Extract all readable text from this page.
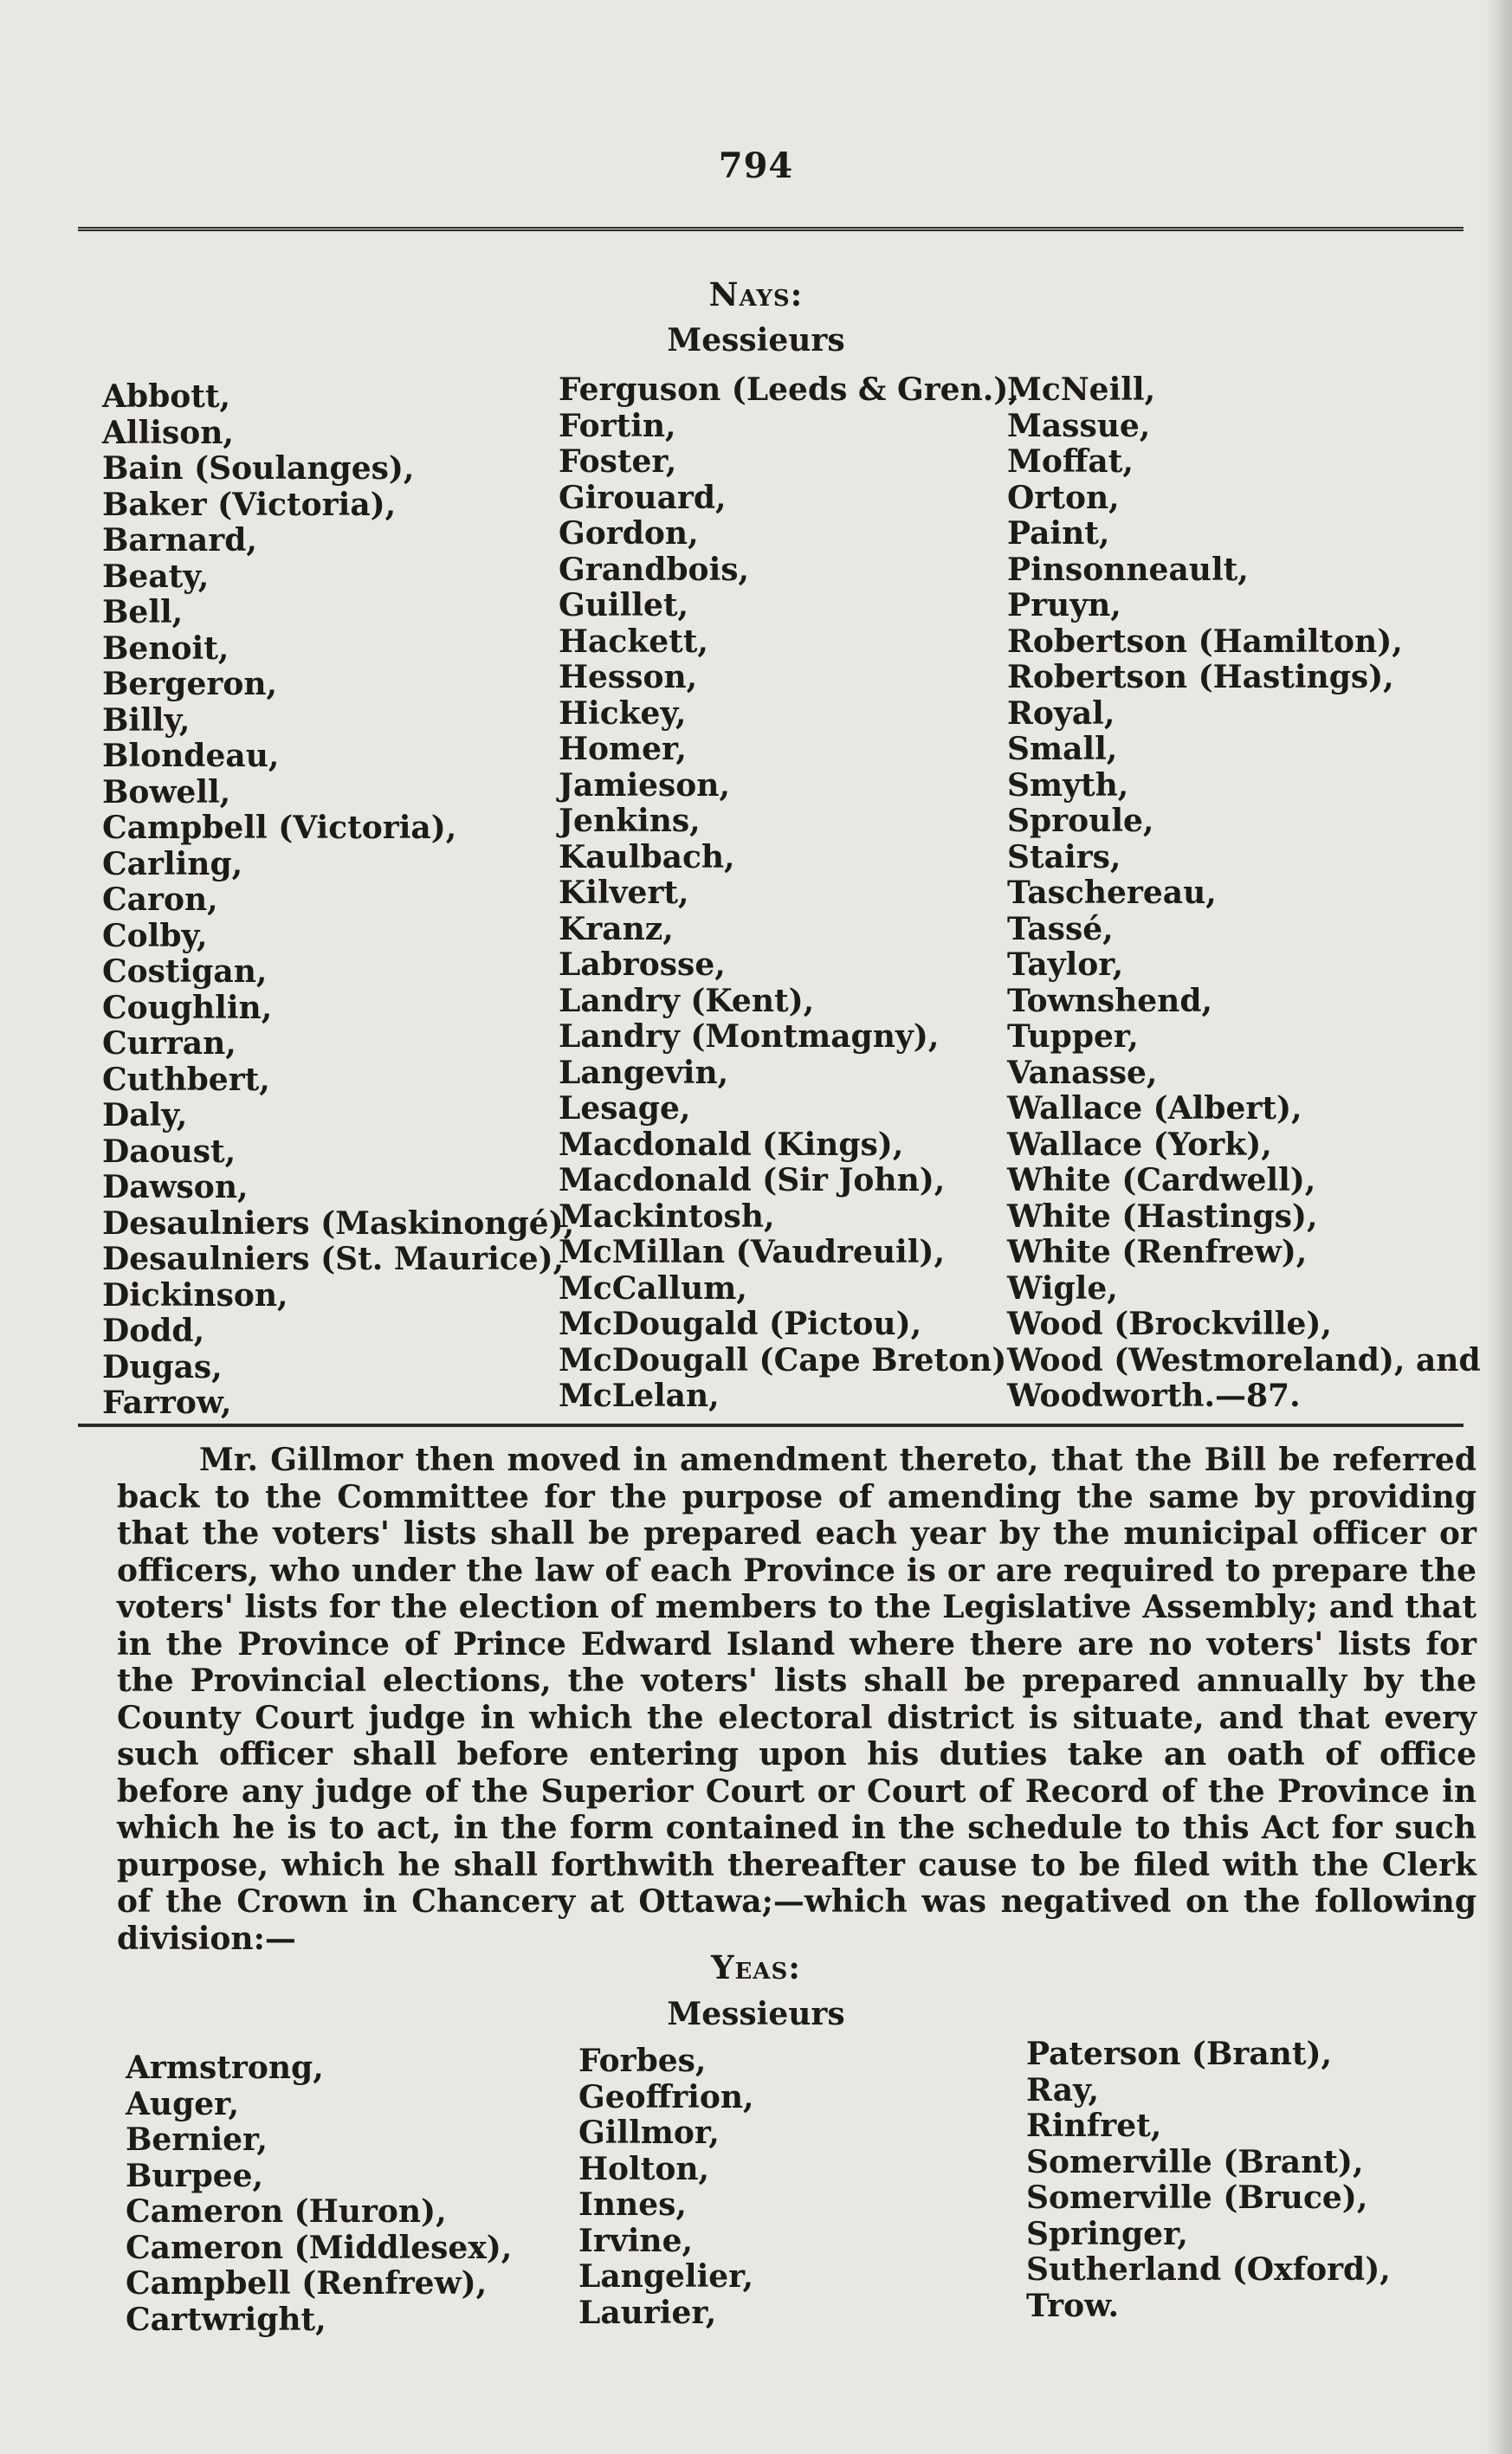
794
Nays:
Messieurs
Abbott,
Allison,
Bain (Soulanges),
Baker (Victoria),
Barnard,
Beaty,
Bell,
Benoit,
Bergeron,
Billy,
Blondeau,
Bowell,
Campbell (Victoria),
Carling,
Caron,
Colby,
Costigan,
Coughlin,
Curran,
Cuthbert,
Daly,
Daoust,
Dawson,
Desaulniers (Maskinongé),
Desaulniers (St. Maurice),
Dickinson,
Dodd,
Dugas,
Farrow,
Ferguson (Leeds & Gren.),
Fortin,
Foster,
Girouard,
Gordon,
Grandbois,
Guillet,
Hackett,
Hesson,
Hickey,
Homer,
Jamieson,
Jenkins,
Kaulbach,
Kilvert,
Kranz,
Labrosse,
Landry (Kent),
Landry (Montmagny),
Langevin,
Lesage,
Macdonald (Kings),
Macdonald (Sir John),
Mackintosh,
McMillan (Vaudreuil),
McCallum,
McDougald (Pictou),
McDougall (Cape Breton)
McLelan,
McNeill,
Massue,
Moffat,
Orton,
Paint,
Pinsonneault,
Pruyn,
Robertson (Hamilton),
Robertson (Hastings),
Royal,
Small,
Smyth,
Sproule,
Stairs,
Taschereau,
Tassé,
Taylor,
Townshend,
Tupper,
Vanasse,
Wallace (Albert),
Wallace (York),
White (Cardwell),
White (Hastings),
White (Renfrew),
Wigle,
Wood (Brockville),
Wood (Westmoreland), and
Woodworth.—87.

Mr. Gillmor then moved in amendment thereto, that the Bill be referred back to the Committee for the purpose of amending the same by providing that the voters' lists shall be prepared each year by the municipal officer or officers, who under the law of each Province is or are required to prepare the voters' lists for the election of members to the Legislative Assembly; and that in the Province of Prince Edward Island where there are no voters' lists for the Provincial elections, the voters' lists shall be prepared annually by the County Court judge in which the electoral district is situate, and that every such officer shall before entering upon his duties take an oath of office before any judge of the Superior Court or Court of Record of the Province in which he is to act, in the form contained in the schedule to this Act for such purpose, which he shall forthwith thereafter cause to be filed with the Clerk of the Crown in Chancery at Ottawa;—which was negatived on the following division:—

Yeas:
Messieurs
Armstrong,
Auger,
Bernier,
Burpee,
Cameron (Huron),
Cameron (Middlesex),
Campbell (Renfrew),
Cartwright,
Forbes,
Geoffrion,
Gillmor,
Holton,
Innes,
Irvine,
Langelier,
Laurier,
Paterson (Brant),
Ray,
Rinfret,
Somerville (Brant),
Somerville (Bruce),
Springer,
Sutherland (Oxford),
Trow.
